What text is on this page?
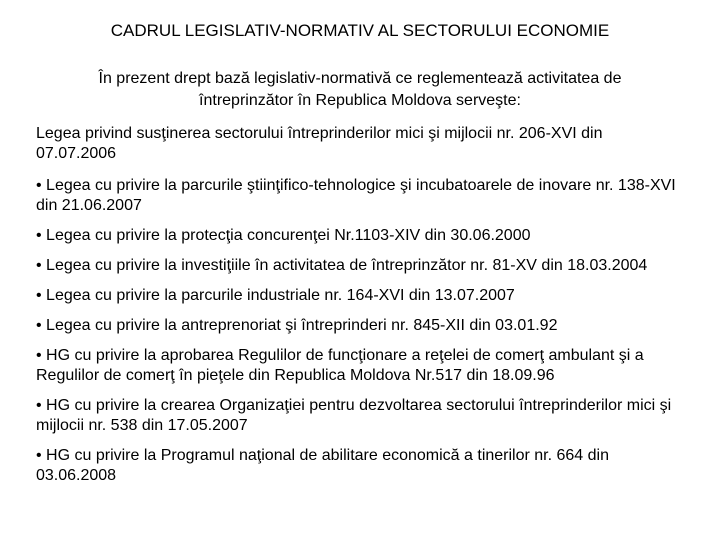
CADRUL LEGISLATIV-NORMATIV AL SECTORULUI ECONOMIE
În prezent drept bază legislativ-normativă ce reglementează activitatea de întreprinzător în Republica Moldova serveşte:
Legea privind susţinerea sectorului întreprinderilor mici şi mijlocii nr. 206-XVI din 07.07.2006
• Legea cu privire la parcurile ştiinţifico-tehnologice şi incubatoarele de inovare nr. 138-XVI din 21.06.2007
• Legea cu privire la protecţia concurenţei Nr.1103-XIV din 30.06.2000
• Legea cu privire la investiţiile în activitatea de întreprinzător nr. 81-XV din 18.03.2004
• Legea cu privire la parcurile industriale nr. 164-XVI din 13.07.2007
• Legea cu privire la antreprenoriat şi întreprinderi nr. 845-XII din 03.01.92
• HG cu privire la aprobarea Regulilor de funcţionare a reţelei de comerţ ambulant şi a Regulilor de comerţ în pieţele din Republica Moldova Nr.517 din 18.09.96
• HG cu privire la crearea Organizaţiei pentru dezvoltarea sectorului întreprinderilor mici şi mijlocii nr. 538 din 17.05.2007
• HG cu privire la Programul naţional de abilitare economică a tinerilor nr. 664 din 03.06.2008
